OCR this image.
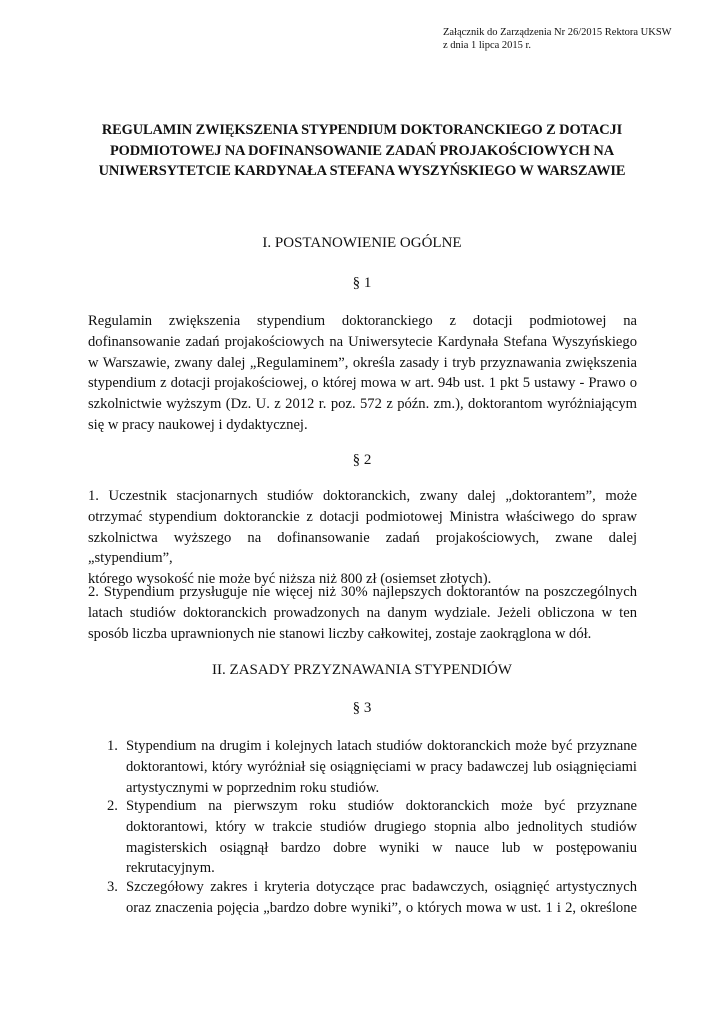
Załącznik do Zarządzenia Nr 26/2015 Rektora UKSW
z dnia 1 lipca 2015 r.
REGULAMIN ZWIĘKSZENIA STYPENDIUM DOKTORANCKIEGO Z DOTACJI
PODMIOTOWEJ NA DOFINANSOWANIE ZADAŃ PROJAKOŚCIOWYCH NA
UNIWERSYTETCIE KARDYNAŁA STEFANA WYSZYŃSKIEGO W WARSZAWIE
I. POSTANOWIENIE OGÓLNE
§ 1
Regulamin zwiększenia stypendium doktoranckiego z dotacji podmiotowej na
dofinansowanie zadań projakościowych na Uniwersytecie Kardynała Stefana Wyszyńskiego
w Warszawie, zwany dalej „Regulaminem”, określa zasady i tryb przyznawania zwiększenia
stypendium z dotacji projakościowej, o której mowa w art. 94b ust. 1 pkt 5 ustawy - Prawo o
szkolnictwie wyższym (Dz. U. z 2012 r. poz. 572 z późn. zm.), doktorantom wyróżniającym
się w pracy naukowej i dydaktycznej.
§ 2
1. Uczestnik stacjonarnych studiów doktoranckich, zwany dalej „doktorantem”, może
otrzymać stypendium doktoranckie z dotacji podmiotowej Ministra właściwego do spraw
szkolnictwa wyższego na dofinansowanie zadań projakościowych, zwane dalej „stypendium”,
którego wysokość nie może być niższa niż 800 zł (osiemset złotych).
2. Stypendium przysługuje nie więcej niż 30% najlepszych doktorantów na poszczególnych
latach studiów doktoranckich prowadzonych na danym wydziale. Jeżeli obliczona w ten
sposób liczba uprawnionych nie stanowi liczby całkowitej, zostaje zaokrąglona w dół.
II. ZASADY PRZYZNAWANIA STYPENDIÓW
§ 3
1. Stypendium na drugim i kolejnych latach studiów doktoranckich może być przyznane
doktorantowi, który wyróżniał się osiągnięciami w pracy badawczej lub osiągnięciami
artystycznymi w poprzednim roku studiów.
2. Stypendium na pierwszym roku studiów doktoranckich może być przyznane
doktorantowi, który w trakcie studiów drugiego stopnia albo jednolitych studiów
magisterskich osiągnął bardzo dobre wyniki w nauce lub w postępowaniu
rekrutacyjnym.
3. Szczegółowy zakres i kryteria dotyczące prac badawczych, osiągnięć artystycznych
oraz znaczenia pojęcia „bardzo dobre wyniki”, o których mowa w ust. 1 i 2, określone
